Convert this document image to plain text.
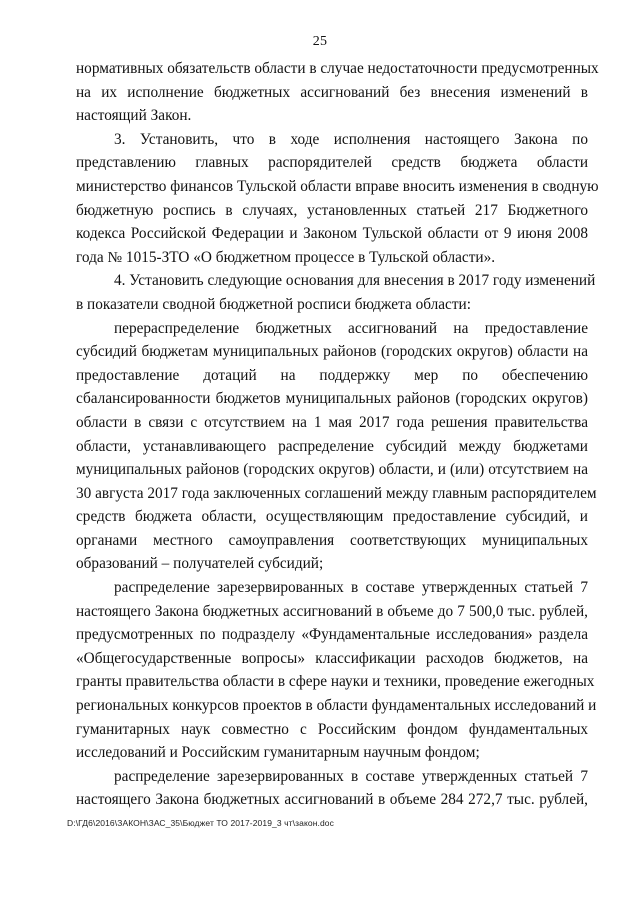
25
нормативных обязательств области в случае недостаточности предусмотренных
на их исполнение бюджетных ассигнований без внесения изменений в
настоящий Закон.
3. Установить, что в ходе исполнения настоящего Закона по
представлению главных распорядителей средств бюджета области
министерство финансов Тульской области вправе вносить изменения в сводную
бюджетную роспись в случаях, установленных статьей 217 Бюджетного
кодекса Российской Федерации и Законом Тульской области от 9 июня 2008
года № 1015-ЗТО «О бюджетном процессе в Тульской области».
4. Установить следующие основания для внесения в 2017 году изменений
в показатели сводной бюджетной росписи бюджета области:
перераспределение бюджетных ассигнований на предоставление
субсидий бюджетам муниципальных районов (городских округов) области на
предоставление дотаций на поддержку мер по обеспечению
сбалансированности бюджетов муниципальных районов (городских округов)
области в связи с отсутствием на 1 мая 2017 года решения правительства
области, устанавливающего распределение субсидий между бюджетами
муниципальных районов (городских округов) области, и (или) отсутствием на
30 августа 2017 года заключенных соглашений между главным распорядителем
средств бюджета области, осуществляющим предоставление субсидий, и
органами местного самоуправления соответствующих муниципальных
образований – получателей субсидий;
распределение зарезервированных в составе утвержденных статьей 7
настоящего Закона бюджетных ассигнований в объеме до 7 500,0 тыс. рублей,
предусмотренных по подразделу «Фундаментальные исследования» раздела
«Общегосударственные вопросы» классификации расходов бюджетов, на
гранты правительства области в сфере науки и техники, проведение ежегодных
региональных конкурсов проектов в области фундаментальных исследований и
гуманитарных наук совместно с Российским фондом фундаментальных
исследований и Российским гуманитарным научным фондом;
распределение зарезервированных в составе утвержденных статьей 7
настоящего Закона бюджетных ассигнований в объеме 284 272,7 тыс. рублей,
D:\ГД6\2016\ЗАКОН\ЗАС_35\Бюджет ТО 2017-2019_3 чт\закон.doc
